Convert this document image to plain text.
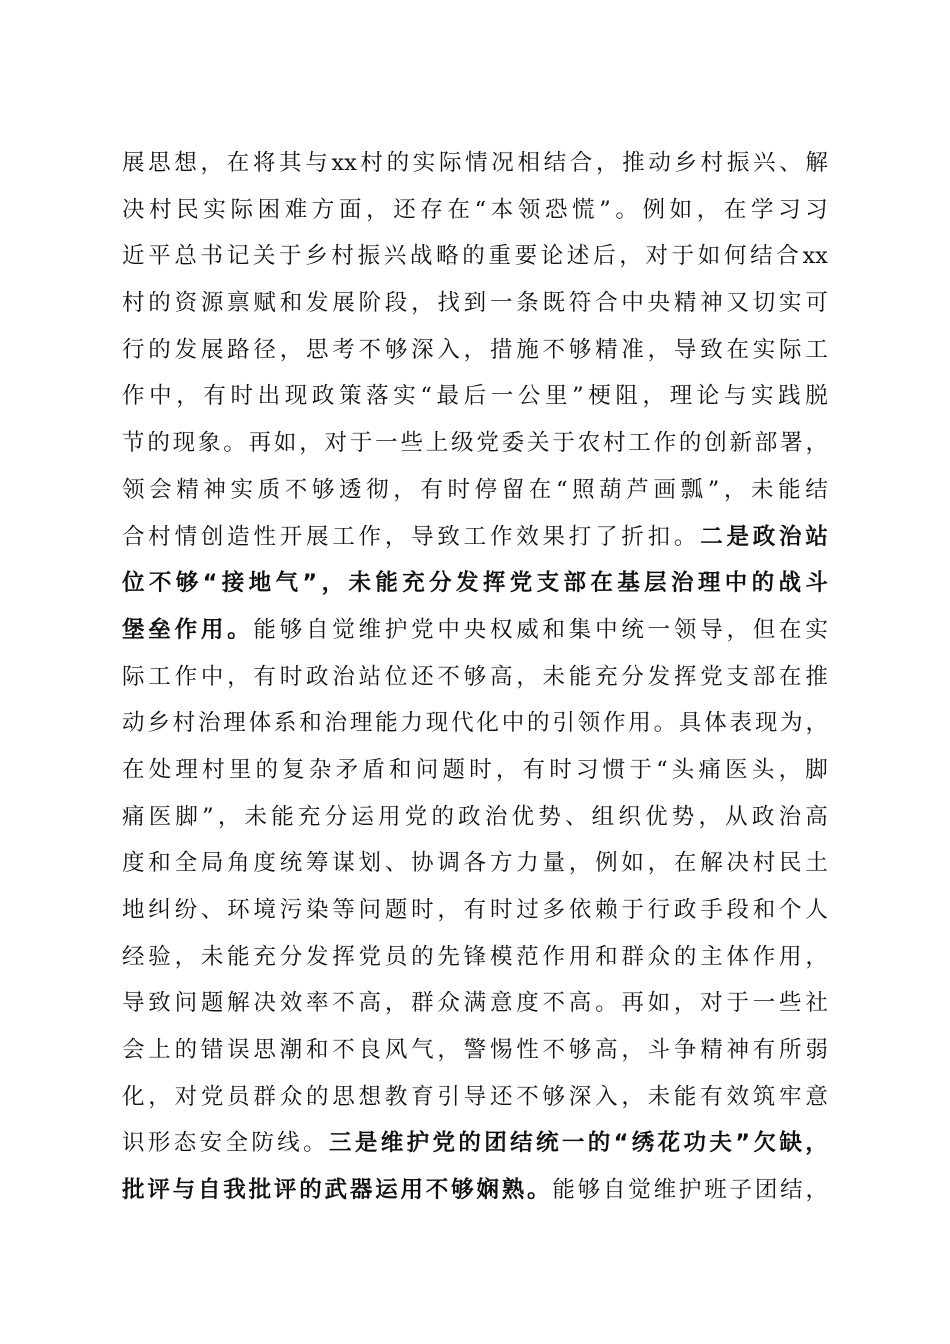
展 思 想 ， 在 将 其 与 xx 村 的 实 际 情 况 相 结 合 ， 推 动 乡 村 振 兴 、 解
决 村 民 实 际 困 难 方 面 ， 还 存 在 “ 本 领 恐 慌 ” 。 例 如 ， 在 学 习 习
近 平 总 书 记 关 于 乡 村 振 兴 战 略 的 重 要 论 述 后 ， 对 于 如 何 结 合 xx
村 的 资 源 禀 赋 和 发 展 阶 段 ， 找 到 一 条 既 符 合 中 央 精 神 又 切 实 可
行 的 发 展 路 径 ， 思 考 不 够 深 入 ， 措 施 不 够 精 准 ， 导 致 在 实 际 工
作 中 ， 有 时 出 现 政 策 落 实 “ 最 后 一 公 里 ” 梗 阻 ， 理 论 与 实 践 脱
节 的 现 象 。 再 如 ， 对 于 一 些 上 级 党 委 关 于 农 村 工 作 的 创 新 部 署 ，
领 会 精 神 实 质 不 够 透 彻 ， 有 时 停 留 在 “ 照 葫 芦 画 瓢 ” ， 未 能 结
合 村 情 创 造 性 开 展 工 作 ， 导 致 工 作 效 果 打 了 折 扣 。 二 是 政 治 站
位 不 够 “ 接 地 气 ” ， 未 能 充 分 发 挥 党 支 部 在 基 层 治 理 中 的 战 斗
堡 垒 作 用 。 能 够 自 觉 维 护 党 中 央 权 威 和 集 中 统 一 领 导 ， 但 在 实
际 工 作 中 ， 有 时 政 治 站 位 还 不 够 高 ， 未 能 充 分 发 挥 党 支 部 在 推
动 乡 村 治 理 体 系 和 治 理 能 力 现 代 化 中 的 引 领 作 用 。 具 体 表 现 为 ，
在 处 理 村 里 的 复 杂 矛 盾 和 问 题 时 ， 有 时 习 惯 于 “ 头 痛 医 头 ， 脚
痛 医 脚 ” ， 未 能 充 分 运 用 党 的 政 治 优 势 、 组 织 优 势 ， 从 政 治 高
度 和 全 局 角 度 统 筹 谋 划 、 协 调 各 方 力 量 ， 例 如 ， 在 解 决 村 民 土
地 纠 纷 、 环 境 污 染 等 问 题 时 ， 有 时 过 多 依 赖 于 行 政 手 段 和 个 人
经 验 ， 未 能 充 分 发 挥 党 员 的 先 锋 模 范 作 用 和 群 众 的 主 体 作 用 ，
导 致 问 题 解 决 效 率 不 高 ， 群 众 满 意 度 不 高 。 再 如 ， 对 于 一 些 社
会 上 的 错 误 思 潮 和 不 良 风 气 ， 警 惕 性 不 够 高 ， 斗 争 精 神 有 所 弱
化 ， 对 党 员 群 众 的 思 想 教 育 引 导 还 不 够 深 入 ， 未 能 有 效 筑 牢 意
识 形 态 安 全 防 线 。 三 是 维 护 党 的 团 结 统 一 的 “ 绣 花 功 夫 ” 欠 缺 ，
批 评 与 自 我 批 评 的 武 器 运 用 不 够 娴 熟 。 能 够 自 觉 维 护 班 子 团 结 ，
